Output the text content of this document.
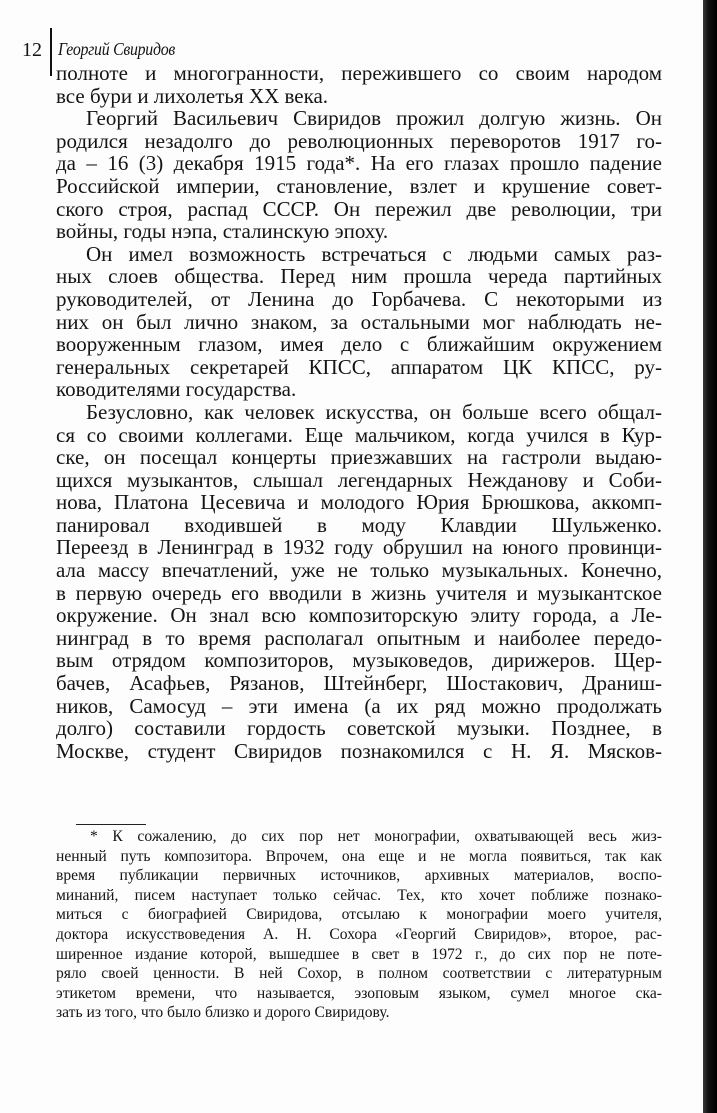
12 Георгий Свиридов
полноте и многогранности, пережившего со своим народом
все бури и лихолетья XX века.
Георгий Васильевич Свиридов прожил долгую жизнь. Он
родился незадолго до революционных переворотов 1917 го-
да – 16 (3) декабря 1915 года*. На его глазах прошло падение
Российской империи, становление, взлет и крушение совет-
ского строя, распад СССР. Он пережил две революции, три
войны, годы нэпа, сталинскую эпоху.
Он имел возможность встречаться с людьми самых раз-
ных слоев общества. Перед ним прошла череда партийных
руководителей, от Ленина до Горбачева. С некоторыми из
них он был лично знаком, за остальными мог наблюдать не-
вооруженным глазом, имея дело с ближайшим окружением
генеральных секретарей КПСС, аппаратом ЦК КПСС, ру-
ководителями государства.
Безусловно, как человек искусства, он больше всего общал-
ся со своими коллегами. Еще мальчиком, когда учился в Кур-
ске, он посещал концерты приезжавших на гастроли выдаю-
щихся музыкантов, слышал легендарных Нежданову и Соби-
нова, Платона Цесевича и молодого Юрия Брюшкова, аккомп-
панировал входившей в моду Клавдии Шульженко.
Переезд в Ленинград в 1932 году обрушил на юного провинци-
ала массу впечатлений, уже не только музыкальных. Конечно,
в первую очередь его вводили в жизнь учителя и музыкантское
окружение. Он знал всю композиторскую элиту города, а Ле-
нинград в то время располагал опытным и наиболее передо-
вым отрядом композиторов, музыковедов, дирижеров. Щер-
бачев, Асафьев, Рязанов, Штейнберг, Шостакович, Драниш-
ников, Самосуд – эти имена (а их ряд можно продолжать
долго) составили гордость советской музыки. Позднее, в
Москве, студент Свиридов познакомился с Н. Я. Мясков-
* К сожалению, до сих пор нет монографии, охватывающей весь жиз-
ненный путь композитора. Впрочем, она еще и не могла появиться, так как
время публикации первичных источников, архивных материалов, воспо-
минаний, писем наступает только сейчас. Тех, кто хочет поближе познако-
миться с биографией Свиридова, отсылаю к монографии моего учителя,
доктора искусствоведения А. Н. Сохора «Георгий Свиридов», второе, рас-
ширенное издание которой, вышедшее в свет в 1972 г., до сих пор не поте-
ряло своей ценности. В ней Сохор, в полном соответствии с литературным
этикетом времени, что называется, эзоповым языком, сумел многое ска-
зать из того, что было близко и дорого Свиридову.
